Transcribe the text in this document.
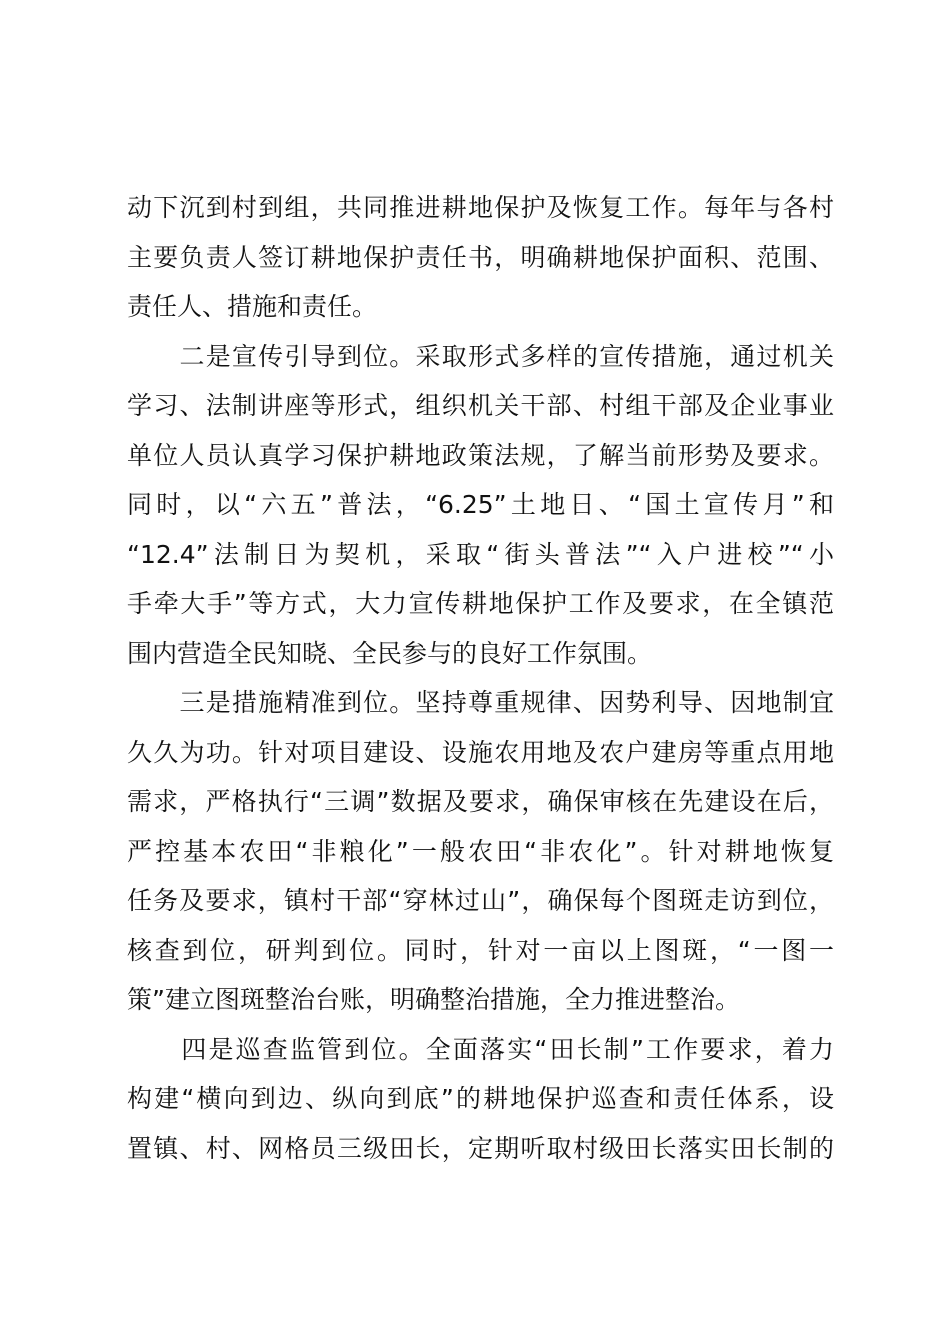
动下沉到村到组，共同推进耕地保护及恢复工作。每年与各村
主要负责人签订耕地保护责任书，明确耕地保护面积、范围、
责任人、措施和责任。
　　二是宣传引导到位。采取形式多样的宣传措施，通过机关
学习、法制讲座等形式，组织机关干部、村组干部及企业事业
单位人员认真学习保护耕地政策法规，了解当前形势及要求。
同时，以“六五”普法，“6.25”土地日、“国土宣传月”和
“12.4”法制日为契机，采取“街头普法”“入户进校”“小
手牵大手”等方式，大力宣传耕地保护工作及要求，在全镇范
围内营造全民知晓、全民参与的良好工作氛围。
　　三是措施精准到位。坚持尊重规律、因势利导、因地制宜
久久为功。针对项目建设、设施农用地及农户建房等重点用地
需求，严格执行“三调”数据及要求，确保审核在先建设在后，
严控基本农田“非粮化”一般农田“非农化”。针对耕地恢复
任务及要求，镇村干部“穿林过山”，确保每个图斑走访到位，
核查到位，研判到位。同时，针对一亩以上图斑，“一图一
策”建立图斑整治台账，明确整治措施，全力推进整治。
　　四是巡查监管到位。全面落实“田长制”工作要求，着力
构建“横向到边、纵向到底”的耕地保护巡查和责任体系，设
置镇、村、网格员三级田长，定期听取村级田长落实田长制的
